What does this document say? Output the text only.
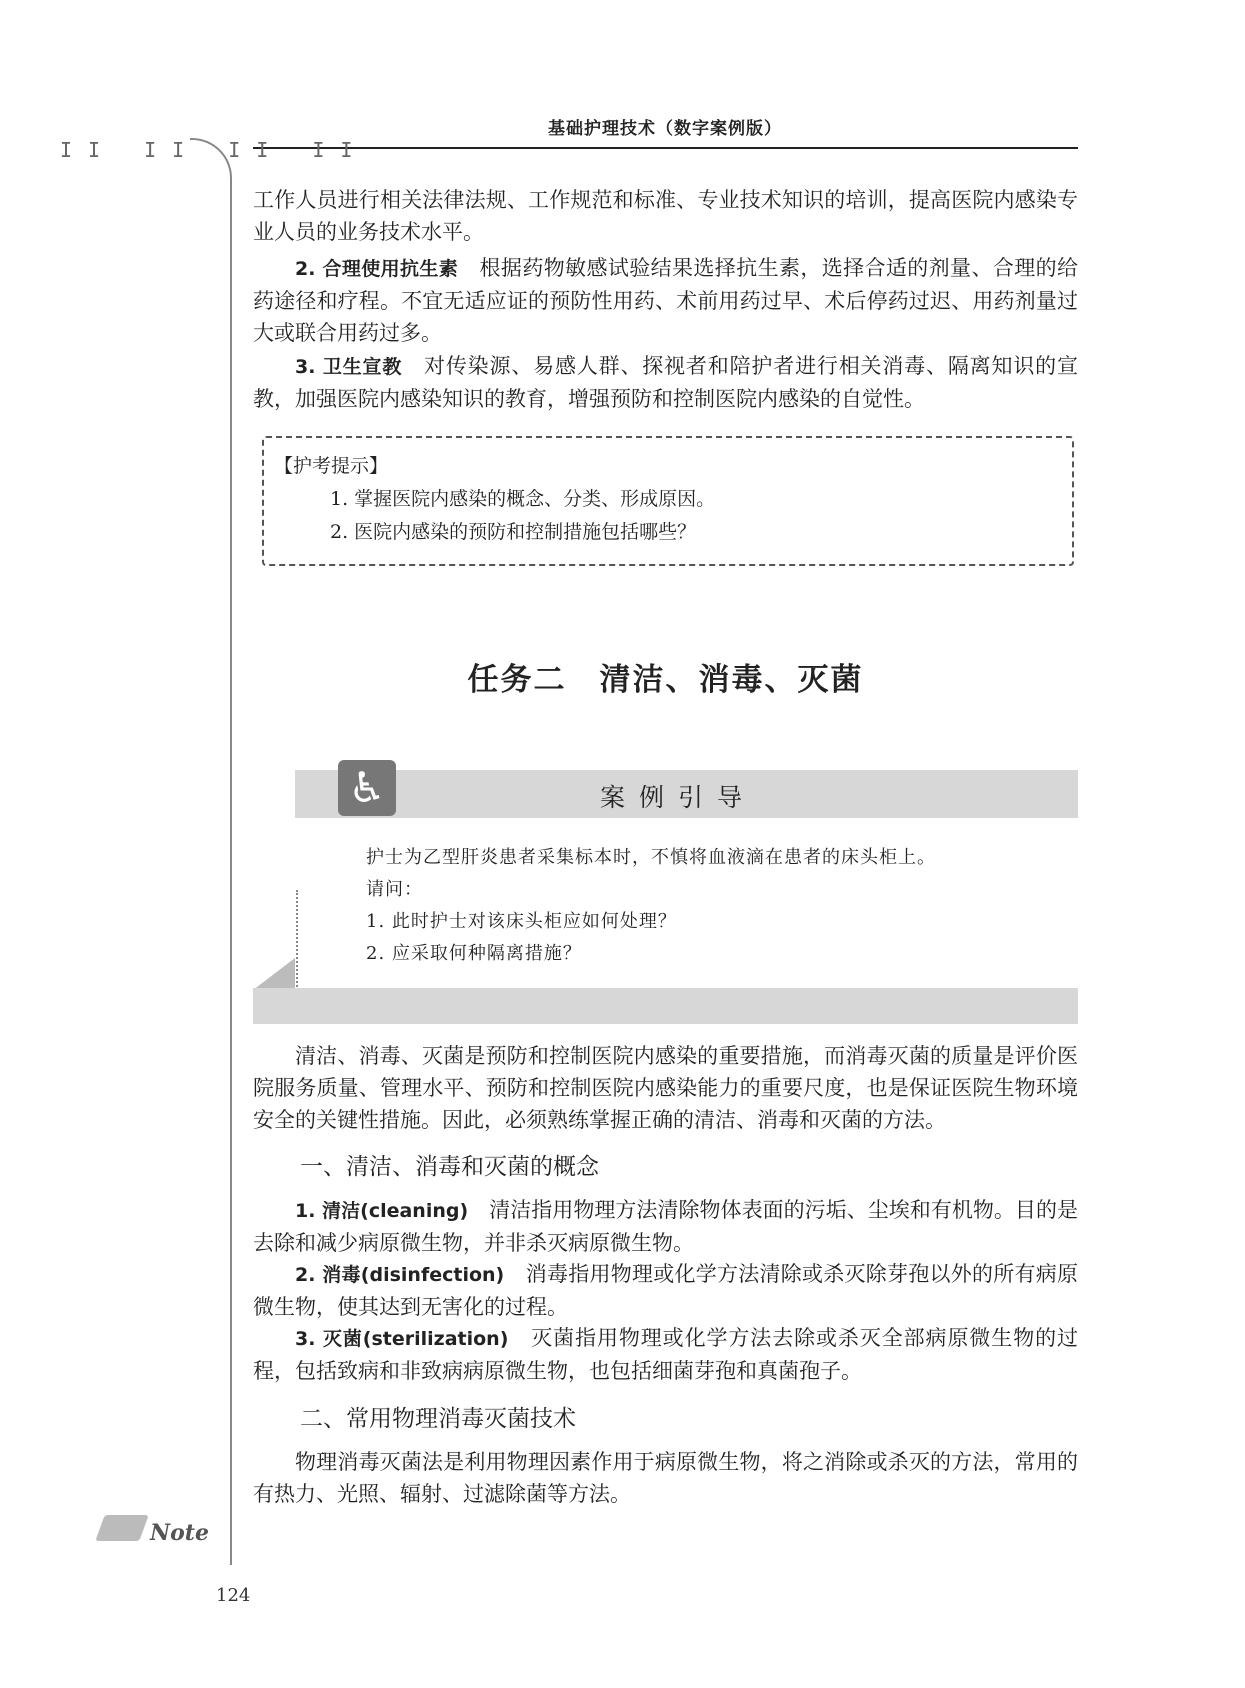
基础护理技术（数字案例版）
II II II II

工作人员进行相关法律法规、工作规范和标准、专业技术知识的培训，提高医院内感染专业人员的业务技术水平。

2. 合理使用抗生素　 根据药物敏感试验结果选择抗生素，选择合适的剂量、合理的给药途径和疗程。不宜无适应证的预防性用药、术前用药过早、术后停药过迟、用药剂量过大或联合用药过多。

3. 卫生宣教　 对传染源、易感人群、探视者和陪护者进行相关消毒、隔离知识的宣教，加强医院内感染知识的教育，增强预防和控制医院内感染的自觉性。

【护考提示】
1. 掌握医院内感染的概念、分类、形成原因。
2. 医院内感染的预防和控制措施包括哪些？
任务二　清洁、消毒、灭菌
♿	案例引导
护士为乙型肝炎患者采集标本时，不慎将血液滴在患者的床头柜上。
请问：
1. 此时护士对该床头柜应如何处理？
2. 应采取何种隔离措施？

清洁、消毒、灭菌是预防和控制医院内感染的重要措施，而消毒灭菌的质量是评价医院服务质量、管理水平、预防和控制医院内感染能力的重要尺度，也是保证医院生物环境安全的关键性措施。因此，必须熟练掌握正确的清洁、消毒和灭菌的方法。

一、清洁、消毒和灭菌的概念

1. 清洁(cleaning)　 清洁指用物理方法清除物体表面的污垢、尘埃和有机物。目的是去除和减少病原微生物，并非杀灭病原微生物。

2. 消毒(disinfection)　 消毒指用物理或化学方法清除或杀灭除芽孢以外的所有病原微生物，使其达到无害化的过程。

3. 灭菌(sterilization)　 灭菌指用物理或化学方法去除或杀灭全部病原微生物的过程，包括致病和非致病病原微生物，也包括细菌芽孢和真菌孢子。

二、常用物理消毒灭菌技术

物理消毒灭菌法是利用物理因素作用于病原微生物，将之消除或杀灭的方法，常用的有热力、光照、辐射、过滤除菌等方法。

Note
124
